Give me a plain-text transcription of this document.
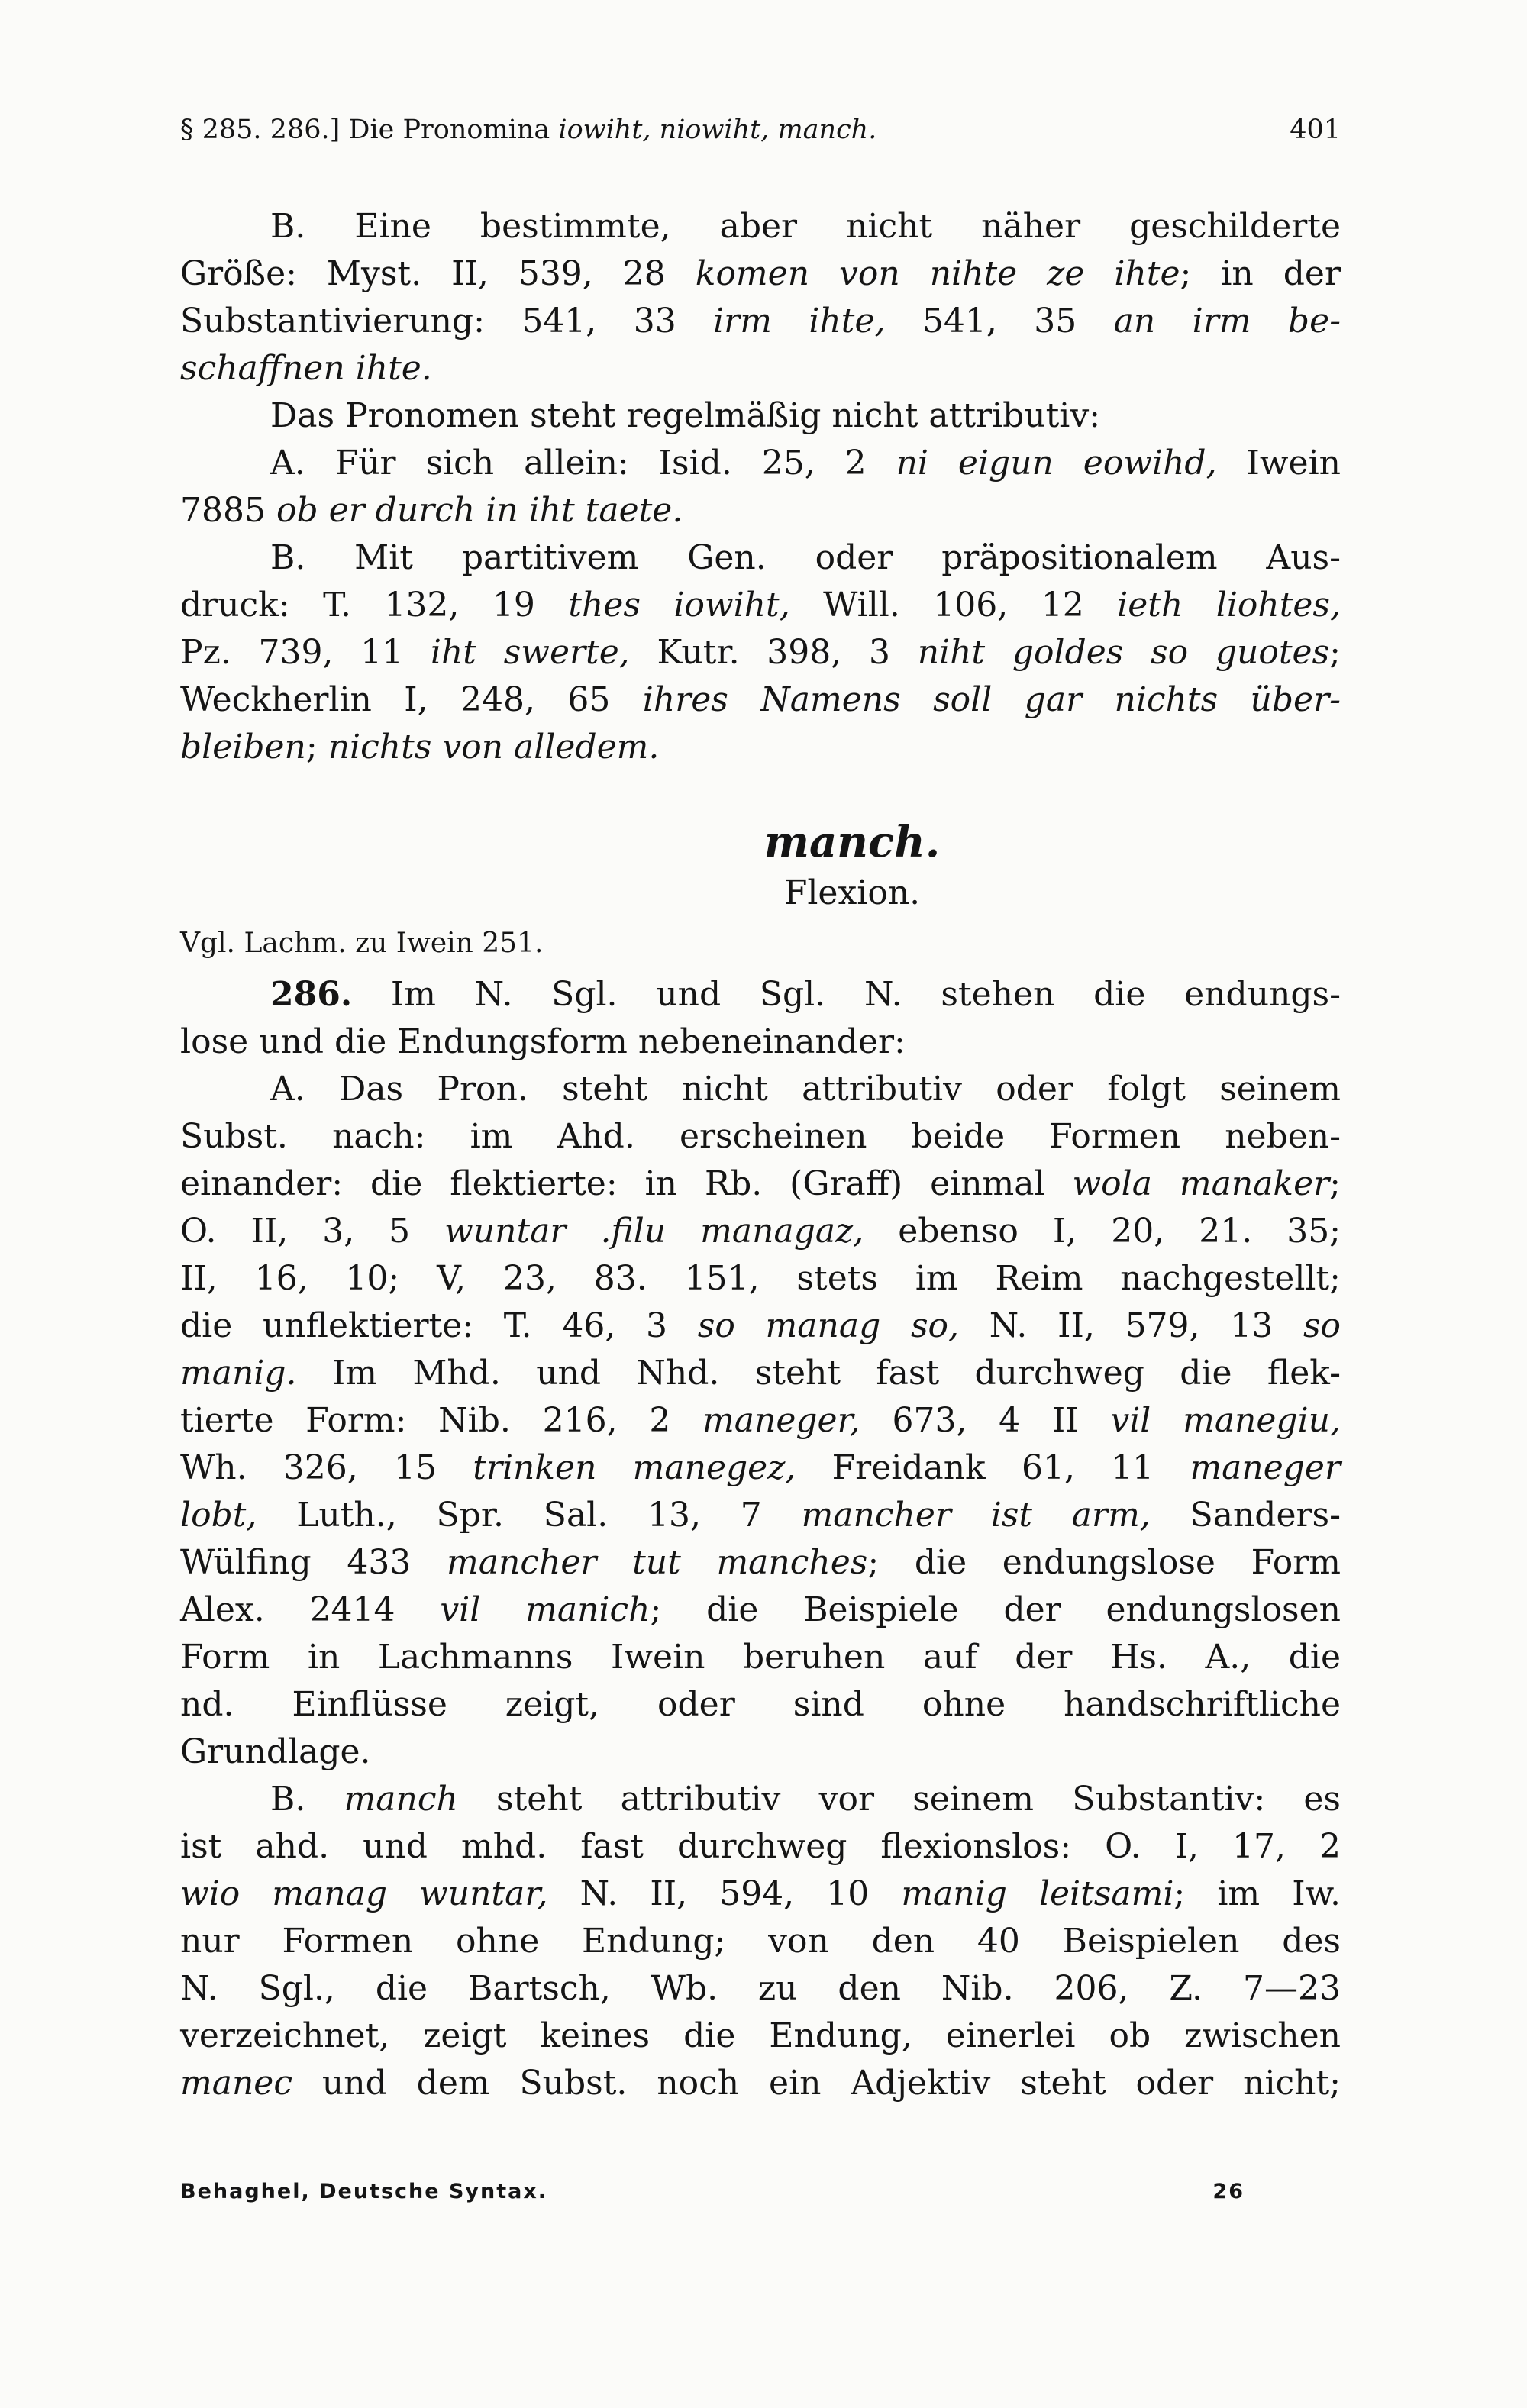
§ 285. 286.] Die Pronomina iowiht, niowiht, manch.	401
B. Eine bestimmte, aber nicht näher geschilderte
Größe: Myst. II, 539, 28 komen von nihte ze ihte; in der
Substantivierung: 541, 33 irm ihte, 541, 35 an irm be-
schaffnen ihte.
Das Pronomen steht regelmäßig nicht attributiv:
A. Für sich allein: Isid. 25, 2 ni eigun eowihd, Iwein
7885 ob er durch in iht taete.
B. Mit partitivem Gen. oder präpositionalem Aus-
druck: T. 132, 19 thes iowiht, Will. 106, 12 ieth liohtes,
Pz. 739, 11 iht swerte, Kutr. 398, 3 niht goldes so guotes;
Weckherlin I, 248, 65 ihres Namens soll gar nichts über-
bleiben; nichts von alledem.
manch.
Flexion.
Vgl. Lachm. zu Iwein 251.
286. Im N. Sgl. und Sgl. N. stehen die endungs-
lose und die Endungsform nebeneinander:
A. Das Pron. steht nicht attributiv oder folgt seinem
Subst. nach: im Ahd. erscheinen beide Formen neben-
einander: die flektierte: in Rb. (Graff) einmal wola manaker;
O. II, 3, 5 wuntar .filu managaz, ebenso I, 20, 21. 35;
II, 16, 10; V, 23, 83. 151, stets im Reim nachgestellt;
die unflektierte: T. 46, 3 so manag so, N. II, 579, 13 so
manig. Im Mhd. und Nhd. steht fast durchweg die flek-
tierte Form: Nib. 216, 2 maneger, 673, 4 II vil manegiu,
Wh. 326, 15 trinken manegez, Freidank 61, 11 maneger
lobt, Luth., Spr. Sal. 13, 7 mancher ist arm, Sanders-
Wülfing 433 mancher tut manches; die endungslose Form
Alex. 2414 vil manich; die Beispiele der endungslosen
Form in Lachmanns Iwein beruhen auf der Hs. A., die
nd. Einflüsse zeigt, oder sind ohne handschriftliche
Grundlage.
B. manch steht attributiv vor seinem Substantiv: es
ist ahd. und mhd. fast durchweg flexionslos: O. I, 17, 2
wio manag wuntar, N. II, 594, 10 manig leitsami; im Iw.
nur Formen ohne Endung; von den 40 Beispielen des
N. Sgl., die Bartsch, Wb. zu den Nib. 206, Z. 7—23
verzeichnet, zeigt keines die Endung, einerlei ob zwischen
manec und dem Subst. noch ein Adjektiv steht oder nicht;
Behaghel, Deutsche Syntax.	26
